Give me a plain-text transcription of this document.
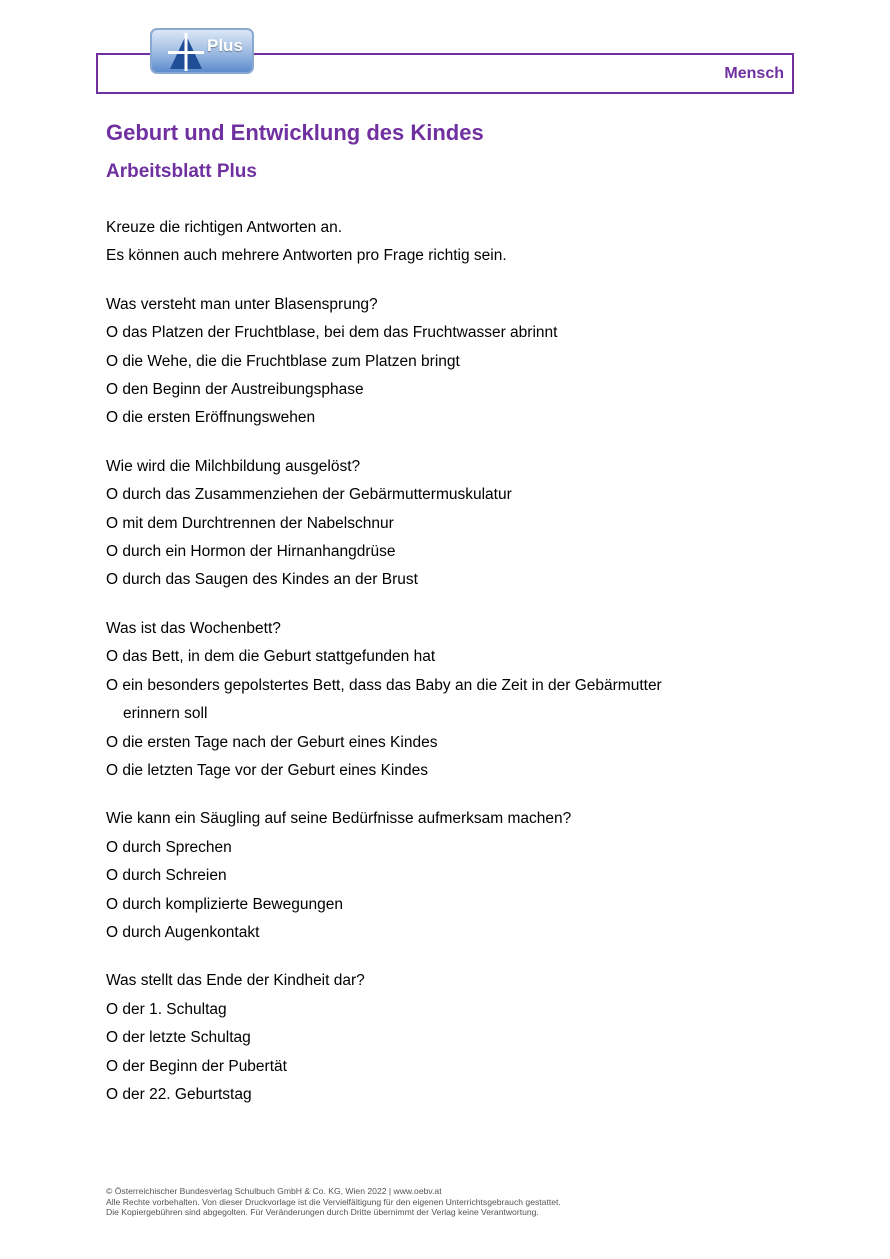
Mensch
Plus
Geburt und Entwicklung des Kindes
Arbeitsblatt Plus

Kreuze die richtigen Antworten an.

Es können auch mehrere Antworten pro Frage richtig sein.

Was versteht man unter Blasensprung?

O das Platzen der Fruchtblase, bei dem das Fruchtwasser abrinnt

O die Wehe, die die Fruchtblase zum Platzen bringt

O den Beginn der Austreibungsphase

O die ersten Eröffnungswehen

Wie wird die Milchbildung ausgelöst?

O durch das Zusammenziehen der Gebärmuttermuskulatur

O mit dem Durchtrennen der Nabelschnur

O durch ein Hormon der Hirnanhangdrüse

O durch das Saugen des Kindes an der Brust

Was ist das Wochenbett?

O das Bett, in dem die Geburt stattgefunden hat

O ein besonders gepolstertes Bett, dass das Baby an die Zeit in der Gebärmutter

erinnern soll

O die ersten Tage nach der Geburt eines Kindes

O die letzten Tage vor der Geburt eines Kindes

Wie kann ein Säugling auf seine Bedürfnisse aufmerksam machen?

O durch Sprechen

O durch Schreien

O durch komplizierte Bewegungen

O durch Augenkontakt

Was stellt das Ende der Kindheit dar?

O der 1. Schultag

O der letzte Schultag

O der Beginn der Pubertät

O der 22. Geburtstag

© Österreichischer Bundesverlag Schulbuch GmbH & Co. KG, Wien 2022 | www.oebv.at
Alle Rechte vorbehalten. Von dieser Druckvorlage ist die Vervielfältigung für den eigenen Unterrichtsgebrauch gestattet.
Die Kopiergebühren sind abgegolten. Für Veränderungen durch Dritte übernimmt der Verlag keine Verantwortung.
